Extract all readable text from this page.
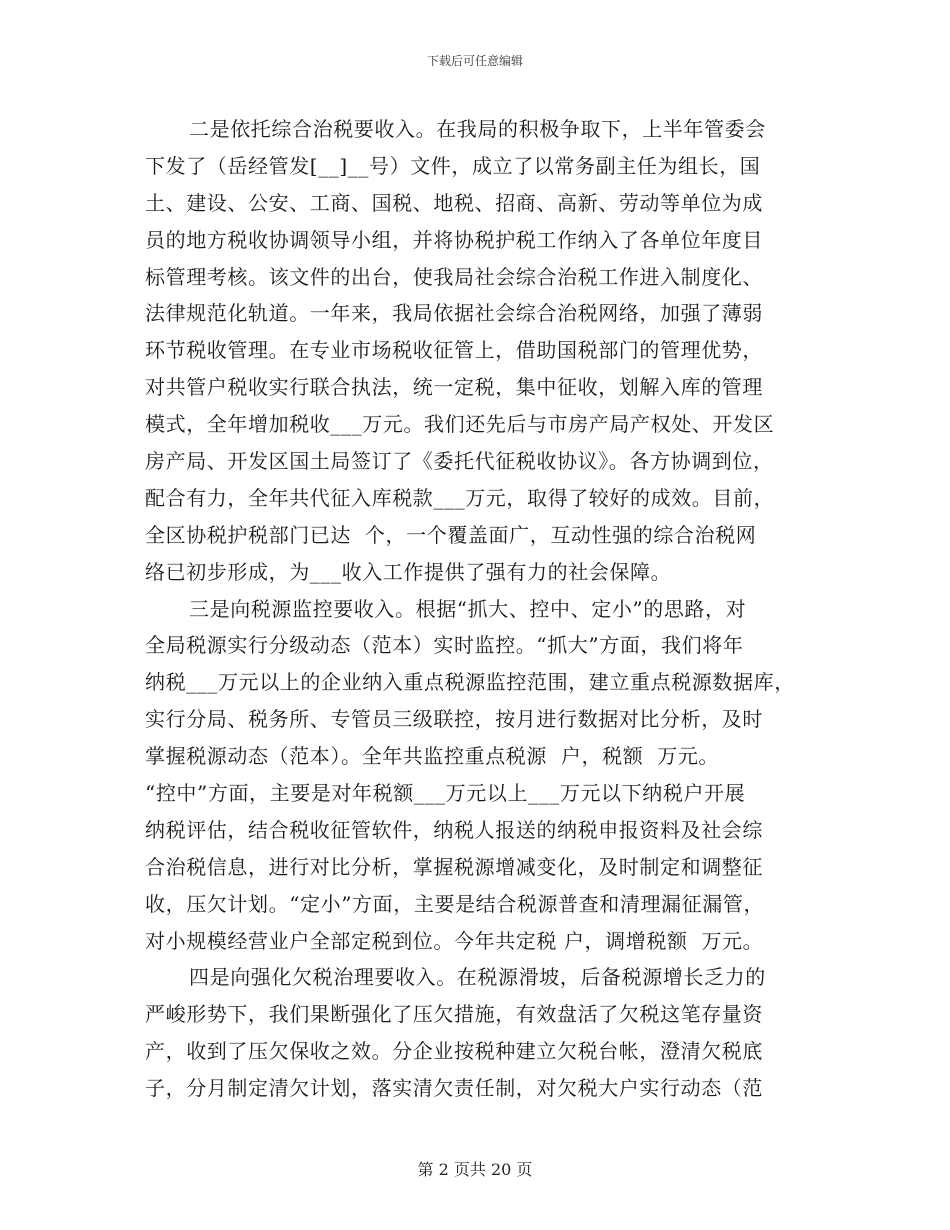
下载后可任意编辑
二是依托综合治税要收入。在我局的积极争取下，上半年管委会
下发了（岳经管发[__]__号）文件，成立了以常务副主任为组长，国
土、建设、公安、工商、国税、地税、招商、高新、劳动等单位为成
员的地方税收协调领导小组，并将协税护税工作纳入了各单位年度目
标管理考核。该文件的出台，使我局社会综合治税工作进入制度化、
法律规范化轨道。一年来，我局依据社会综合治税网络，加强了薄弱
环节税收管理。在专业市场税收征管上，借助国税部门的管理优势，
对共管户税收实行联合执法，统一定税，集中征收，划解入库的管理
模式，全年增加税收___万元。我们还先后与市房产局产权处、开发区
房产局、开发区国土局签订了《委托代征税收协议》。各方协调到位，
配合有力，全年共代征入库税款___万元，取得了较好的成效。目前，
全区协税护税部门已达  个，一个覆盖面广，互动性强的综合治税网
络已初步形成，为___收入工作提供了强有力的社会保障。
三是向税源监控要收入。根据“抓大、控中、定小”的思路，对
全局税源实行分级动态（范本）实时监控。“抓大”方面，我们将年
纳税___万元以上的企业纳入重点税源监控范围，建立重点税源数据库，
实行分局、税务所、专管员三级联控，按月进行数据对比分析，及时
掌握税源动态（范本）。全年共监控重点税源  户，税额  万元。
“控中”方面，主要是对年税额___万元以上___万元以下纳税户开展
纳税评估，结合税收征管软件，纳税人报送的纳税申报资料及社会综
合治税信息，进行对比分析，掌握税源增减变化，及时制定和调整征
收，压欠计划。“定小”方面，主要是结合税源普查和清理漏征漏管，
对小规模经营业户全部定税到位。今年共定税 户，调增税额  万元。
四是向强化欠税治理要收入。在税源滑坡，后备税源增长乏力的
严峻形势下，我们果断强化了压欠措施，有效盘活了欠税这笔存量资
产，收到了压欠保收之效。分企业按税种建立欠税台帐，澄清欠税底
子，分月制定清欠计划，落实清欠责任制，对欠税大户实行动态（范
第 2 页共 20 页
